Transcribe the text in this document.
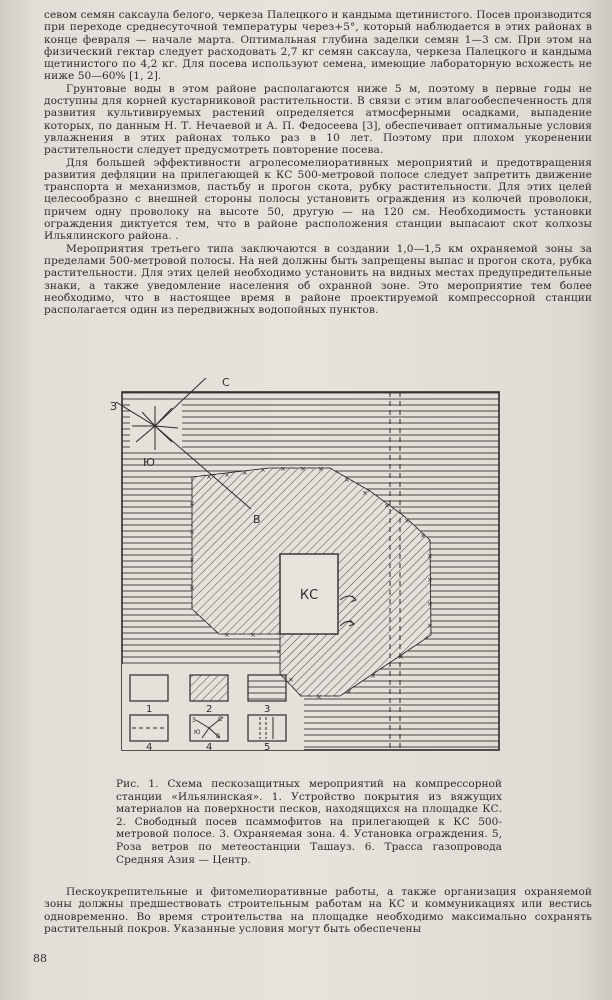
севом семян саксаула белого, черкеза Палецкого и кандыма щетинистого. Посев производится при переходе среднесуточной температуры через+5°, который наблюдается в этих районах в конце февраля — начале марта. Оптимальная глубина заделки семян 1—3 см. При этом на физический гектар следует расходовать 2,7 кг семян саксаула, черкеза Палецкого и кандыма щетинистого по 4,2 кг. Для посева используют семена, имеющие лабораторную всхожесть не ниже 50—60% [1, 2].

Грунтовые воды в этом районе располагаются ниже 5 м, поэтому в первые годы не доступны для корней кустарниковой растительности. В связи с этим влагообеспеченность для развития культивируемых растений определяется атмосферными осадками, выпадение которых, по данным Н. Т. Нечаевой и А. П. Федосеева [3], обеспечивает оптимальные условия увлажнения в этих районах только раз в 10 лет. Поэтому при плохом укоренении растительности следует предусмотреть повторение посева.

Для большей эффективности агролесомелиоративных мероприятий и предотвращения развития дефляции на прилегающей к КС 500-метровой полосе следует запретить движение транспорта и механизмов, пастьбу и прогон скота, рубку растительности. Для этих целей целесообразно с внешней стороны полосы установить ограждения из колючей проволоки, причем одну проволоку на высоте 50, другую — на 120 см. Необходимость установки ограждения диктуется тем, что в районе расположения станции выпасают скот колхозы Ильялинского района. .

Мероприятия третьего типа заключаются в создании 1,0—1,5 км охраняемой зоны за пределами 500-метровой полосы. На ней должны быть запрещены выпас и прогон скота, рубка растительности. Для этих целей необходимо установить на видных местах предупредительные знаки, а также уведомление населения об охранной зоне. Это мероприятие тем более необходимо, что в настоящее время в районе проектируемой компрессорной станции располагается один из передвижных водопойных пунктов.

× × × × × × ×
×
×
×
×
×
×
×
×
×
×
×
×
×
×
×
×
×
×
×
×
×
КС
С
З
Ю
В
1	2	3
4	4	5
С
З
Ю
В
Рис. 1. Схема пескозащитных мероприятий на компрессорной станции «Ильялинская». 1. Устройство покрытия из вяжущих материалов на поверхности песков, находящихся на площадке КС. 2. Свободный посев псаммофитов на прилегающей к КС 500-метровой полосе. 3. Охраняемая зона. 4. Установка ограждения. 5, Роза ветров по метеостанции Ташауз. 6. Трасса газопровода Средняя Азия — Центр.

Пескоукрепительные и фитомелиоративные работы, а также организация охраняемой зоны должны предшествовать строительным работам на КС и коммуникациях или вестись одновременно. Во время строительства на площадке необходимо максимально сохранять растительный покров. Указанные условия могут быть обеспечены

88
